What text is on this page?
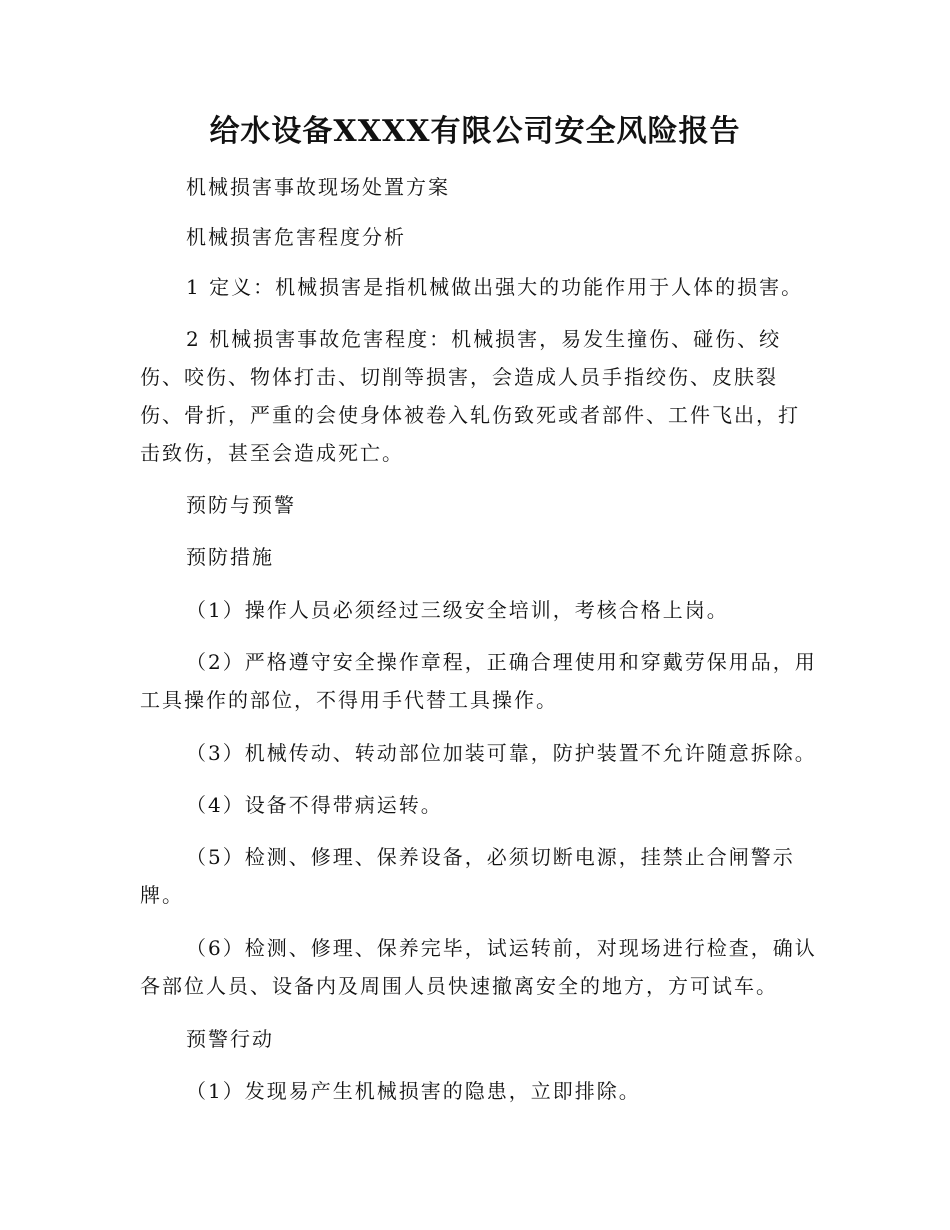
给水设备XXXX有限公司安全风险报告
机械损害事故现场处置方案
机械损害危害程度分析
1 定义：机械损害是指机械做出强大的功能作用于人体的损害。
2 机械损害事故危害程度：机械损害，易发生撞伤、碰伤、绞伤、咬伤、物体打击、切削等损害，会造成人员手指绞伤、皮肤裂伤、骨折，严重的会使身体被卷入轧伤致死或者部件、工件飞出，打击致伤，甚至会造成死亡。
预防与预警
预防措施
（1）操作人员必须经过三级安全培训，考核合格上岗。
（2）严格遵守安全操作章程，正确合理使用和穿戴劳保用品，用工具操作的部位，不得用手代替工具操作。
（3）机械传动、转动部位加装可靠，防护装置不允许随意拆除。
（4）设备不得带病运转。
（5）检测、修理、保养设备，必须切断电源，挂禁止合闸警示牌。
（6）检测、修理、保养完毕，试运转前，对现场进行检查，确认各部位人员、设备内及周围人员快速撤离安全的地方，方可试车。
预警行动
（1）发现易产生机械损害的隐患，立即排除。
